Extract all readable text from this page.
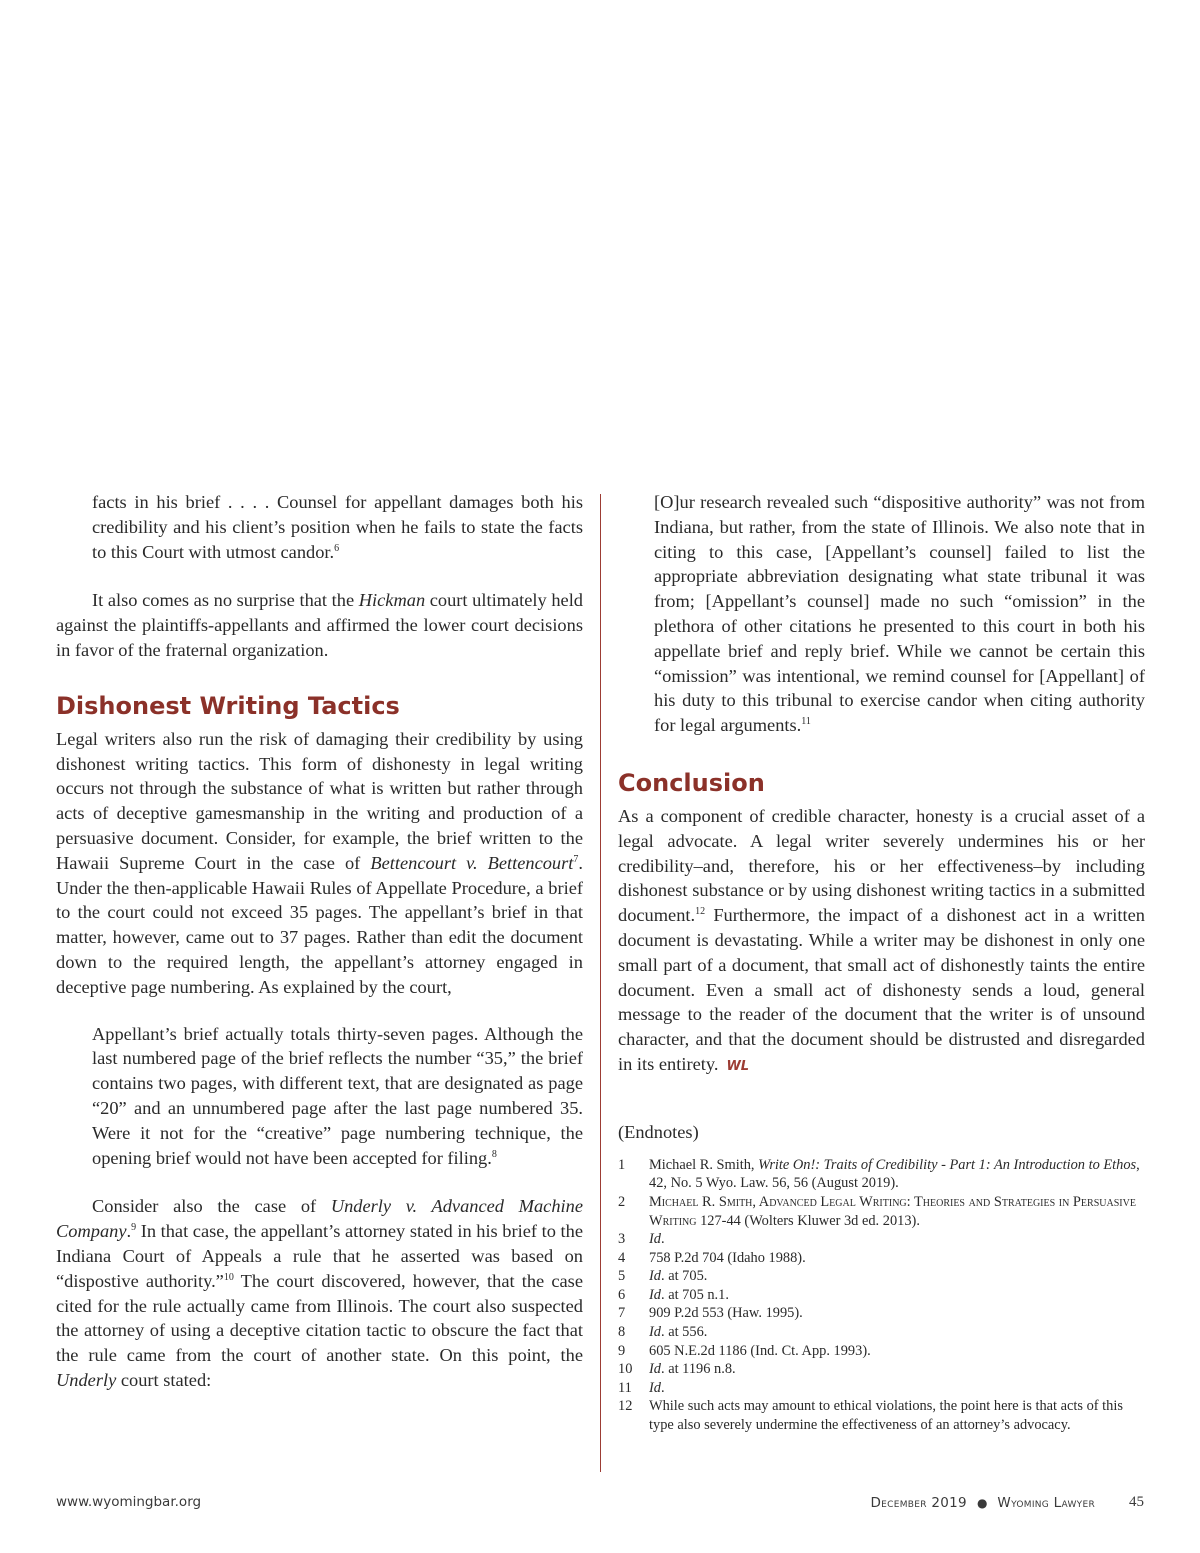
facts in his brief . . . . Counsel for appellant damages both his credibility and his client’s position when he fails to state the facts to this Court with utmost candor.$^6$

It also comes as no surprise that the Hickman court ultimately held against the plaintiffs-appellants and affirmed the lower court decisions in favor of the fraternal organization.

Dishonest Writing Tactics

Legal writers also run the risk of damaging their credibility by using dishonest writing tactics. This form of dishonesty in legal writing occurs not through the substance of what is written but rather through acts of deceptive gamesmanship in the writing and production of a persuasive document. Consider, for example, the brief written to the Hawaii Supreme Court in the case of Bettencourt v. Bettencourt$^7$. Under the then-applicable Hawaii Rules of Appellate Procedure, a brief to the court could not exceed 35 pages. The appellant’s brief in that matter, however, came out to 37 pages. Rather than edit the document down to the required length, the appellant’s attorney engaged in deceptive page numbering. As explained by the court,

Appellant’s brief actually totals thirty-seven pages. Although the last numbered page of the brief reflects the number “35,” the brief contains two pages, with different text, that are designated as page “20” and an unnumbered page after the last page numbered 35. Were it not for the “creative” page numbering technique, the opening brief would not have been accepted for filing.$^8$

Consider also the case of Underly v. Advanced Machine Company.$^9$ In that case, the appellant’s attorney stated in his brief to the Indiana Court of Appeals a rule that he asserted was based on “dispostive authority.”$^{10}$ The court discovered, however, that the case cited for the rule actually came from Illinois. The court also suspected the attorney of using a deceptive citation tactic to obscure the fact that the rule came from the court of another state. On this point, the Underly court stated:

[O]ur research revealed such “dispositive authority” was not from Indiana, but rather, from the state of Illinois. We also note that in citing to this case, [Appellant’s counsel] failed to list the appropriate abbreviation designating what state tribunal it was from; [Appellant’s counsel] made no such “omission” in the plethora of other citations he presented to this court in both his appellate brief and reply brief. While we cannot be certain this “omission” was intentional, we remind counsel for [Appellant] of his duty to this tribunal to exercise candor when citing authority for legal arguments.$^{11}$

Conclusion

As a component of credible character, honesty is a crucial asset of a legal advocate. A legal writer severely undermines his or her credibility–and, therefore, his or her effectiveness–by including dishonest substance or by using dishonest writing tactics in a submitted document.$^{12}$ Furthermore, the impact of a dishonest act in a written document is devastating. While a writer may be dishonest in only one small part of a document, that small act of dishonestly taints the entire document. Even a small act of dishonesty sends a loud, general message to the reader of the document that the writer is of unsound character, and that the document should be distrusted and disregarded in its entirety. WL

(Endnotes)
1	Michael R. Smith, Write On!: Traits of Credibility - Part 1: An Introduction to Ethos, 42, No. 5 Wyo. Law. 56, 56 (August 2019).
2	Michael R. Smith, Advanced Legal Writing: Theories and Strategies in Persuasive Writing 127-44 (Wolters Kluwer 3d ed. 2013).
3	Id.
4	758 P.2d 704 (Idaho 1988).
5	Id. at 705.
6	Id. at 705 n.1.
7	909 P.2d 553 (Haw. 1995).
8	Id. at 556.
9	605 N.E.2d 1186 (Ind. Ct. App. 1993).
10	Id. at 1196 n.8.
11	Id.
12	While such acts may amount to ethical violations, the point here is that acts of this type also severely undermine the effectiveness of an attorney’s advocacy.
www.wyomingbar.org	December 2019 ● Wyoming Lawyer 45
